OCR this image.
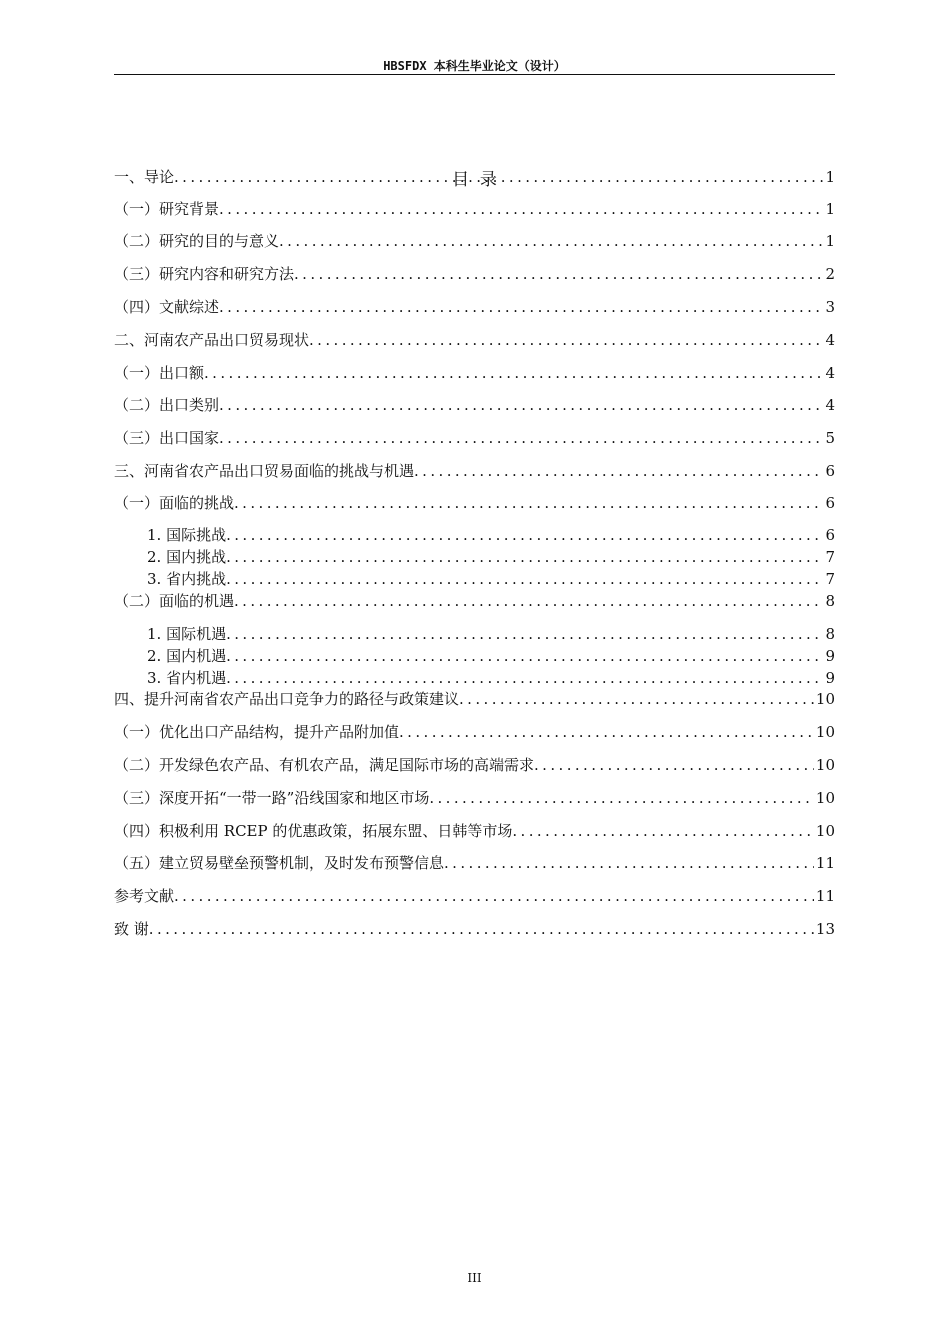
HBSFDX 本科生毕业论文（设计）
目  录
一、导论 .....	1
（一）研究背景 .....	1
（二）研究的目的与意义 .....	1
（三）研究内容和研究方法 .....	2
（四）文献综述 .....	3
二、河南农产品出口贸易现状 .....	4
（一）出口额 .....	4
（二）出口类别 .....	4
（三）出口国家 .....	5
三、河南省农产品出口贸易面临的挑战与机遇 .....	6
（一）面临的挑战 .....	6
1. 国际挑战 .....	6
2. 国内挑战 .....	7
3. 省内挑战 .....	7
（二）面临的机遇 .....	8
1. 国际机遇 .....	8
2. 国内机遇 .....	9
3. 省内机遇 .....	9
四、提升河南省农产品出口竞争力的路径与政策建议 .....	10
（一）优化出口产品结构，提升产品附加值 .....	10
（二）开发绿色农产品、有机农产品，满足国际市场的高端需求 .....	10
（三）深度开拓“一带一路”沿线国家和地区市场 .....	10
（四）积极利用 RCEP 的优惠政策，拓展东盟、日韩等市场 .....	10
（五）建立贸易壁垒预警机制，及时发布预警信息 .....	11
参考文献 .....	11
致 谢 .....	13
III
